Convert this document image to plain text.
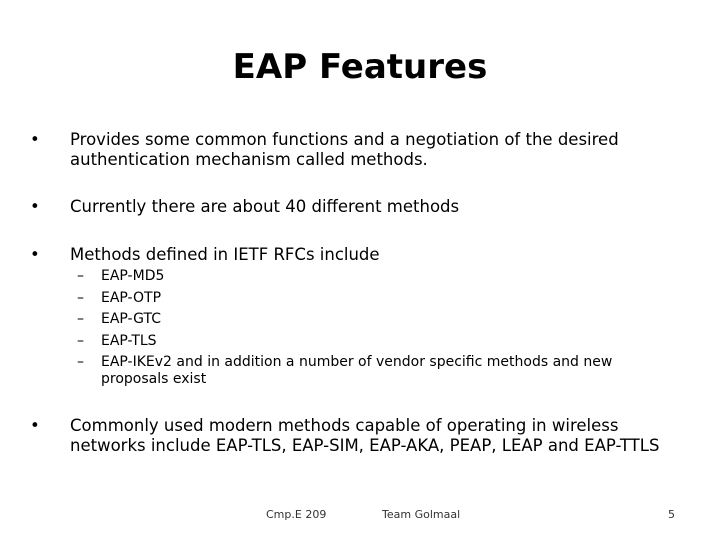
EAP Features
•	Provides some common functions and a negotiation of the desired authentication mechanism called methods.
•	Currently there are about 40 different methods
•	Methods defined in IETF RFCs include
– EAP-MD5
– EAP-OTP
– EAP-GTC
– EAP-TLS
– EAP-IKEv2 and in addition a number of vendor specific methods and new proposals exist
•	Commonly used modern methods capable of operating in wireless networks include EAP-TLS, EAP-SIM, EAP-AKA, PEAP, LEAP and EAP-TTLS
Cmp.E 209	Team Golmaal	5
